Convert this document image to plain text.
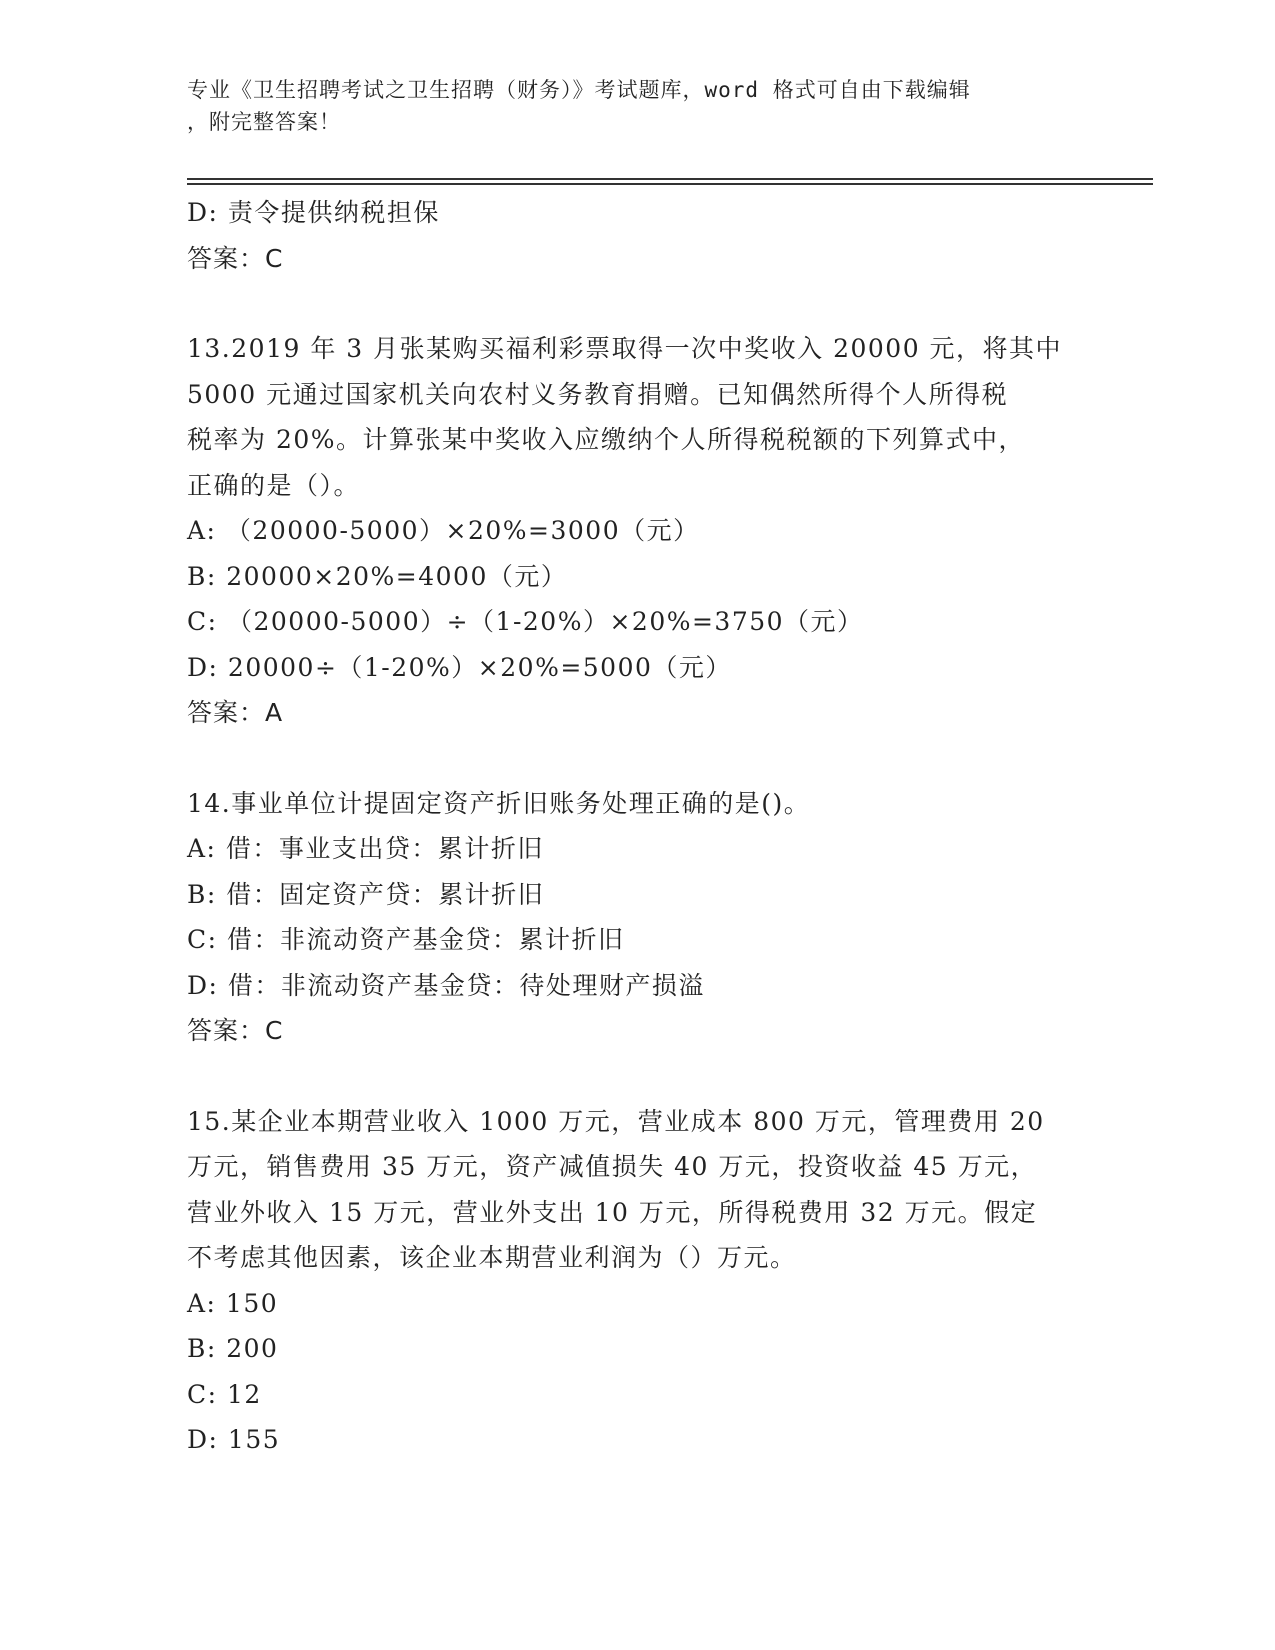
专业《卫生招聘考试之卫生招聘（财务）》考试题库，word 格式可自由下载编辑
，附完整答案！
D: 责令提供纳税担保
答案：C
13.2019 年 3 月张某购买福利彩票取得一次中奖收入 20000 元，将其中
5000 元通过国家机关向农村义务教育捐赠。已知偶然所得个人所得税
税率为 20%。计算张某中奖收入应缴纳个人所得税税额的下列算式中，
正确的是（）。
A: （20000-5000）×20%=3000（元）
B: 20000×20%=4000（元）
C: （20000-5000）÷（1-20%）×20%=3750（元）
D: 20000÷（1-20%）×20%=5000（元）
答案：A
14.事业单位计提固定资产折旧账务处理正确的是()。
A: 借：事业支出贷：累计折旧
B: 借：固定资产贷：累计折旧
C: 借：非流动资产基金贷：累计折旧
D: 借：非流动资产基金贷：待处理财产损溢
答案：C
15.某企业本期营业收入 1000 万元，营业成本 800 万元，管理费用 20
万元，销售费用 35 万元，资产减值损失 40 万元，投资收益 45 万元，
营业外收入 15 万元，营业外支出 10 万元，所得税费用 32 万元。假定
不考虑其他因素，该企业本期营业利润为（）万元。
A: 150
B: 200
C: 12
D: 155
